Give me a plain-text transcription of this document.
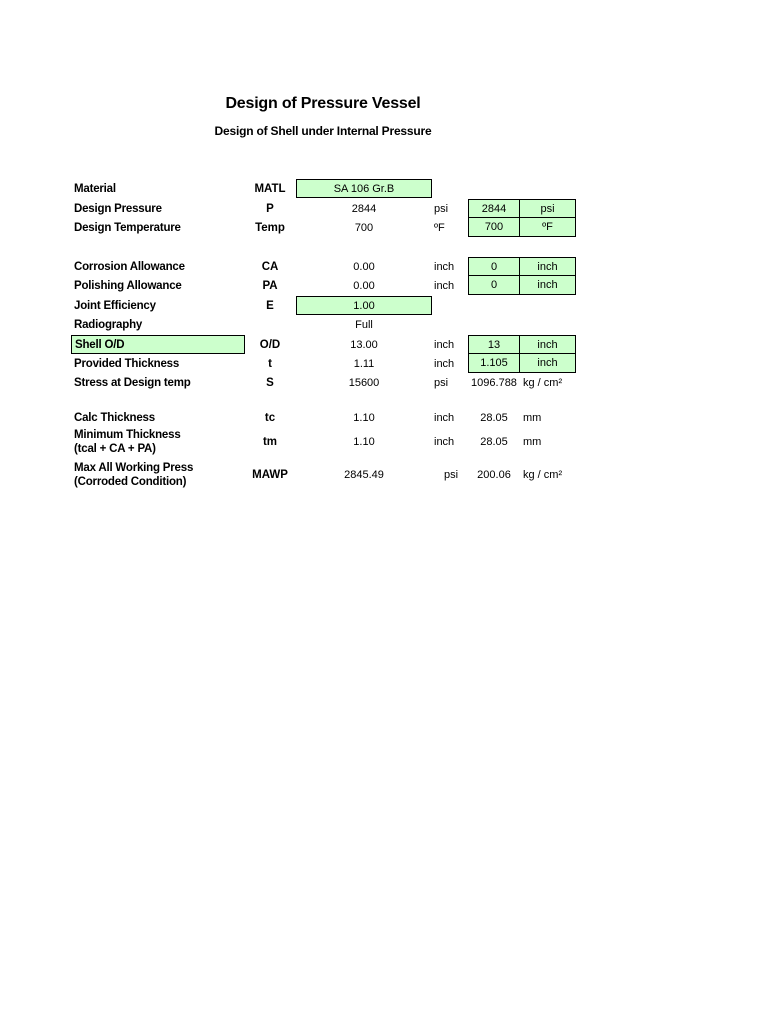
Design of Pressure Vessel
Design of Shell under Internal Pressure
Material	MATL	SA 106 Gr.B
Design Pressure	P	2844	psi	2844	psi
Design Temperature	Temp	700	ºF	700	ºF
Corrosion Allowance	CA	0.00	inch	0	inch
Polishing Allowance	PA	0.00	inch	0	inch
Joint Efficiency	E	1.00
Radiography	Full
Shell O/D	O/D	13.00	inch	13	inch
Provided Thickness	t	1.11	inch	1.105	inch
Stress at Design temp	S	15600	psi	1096.788 kg / cm²
Calc Thickness	tc	1.10	inch	28.05	mm
Minimum Thickness
(tcal + CA + PA)
tm	1.10	inch	28.05	mm
Max All Working Press
(Corroded Condition)
MAWP	2845.49	psi	200.06	kg / cm²
